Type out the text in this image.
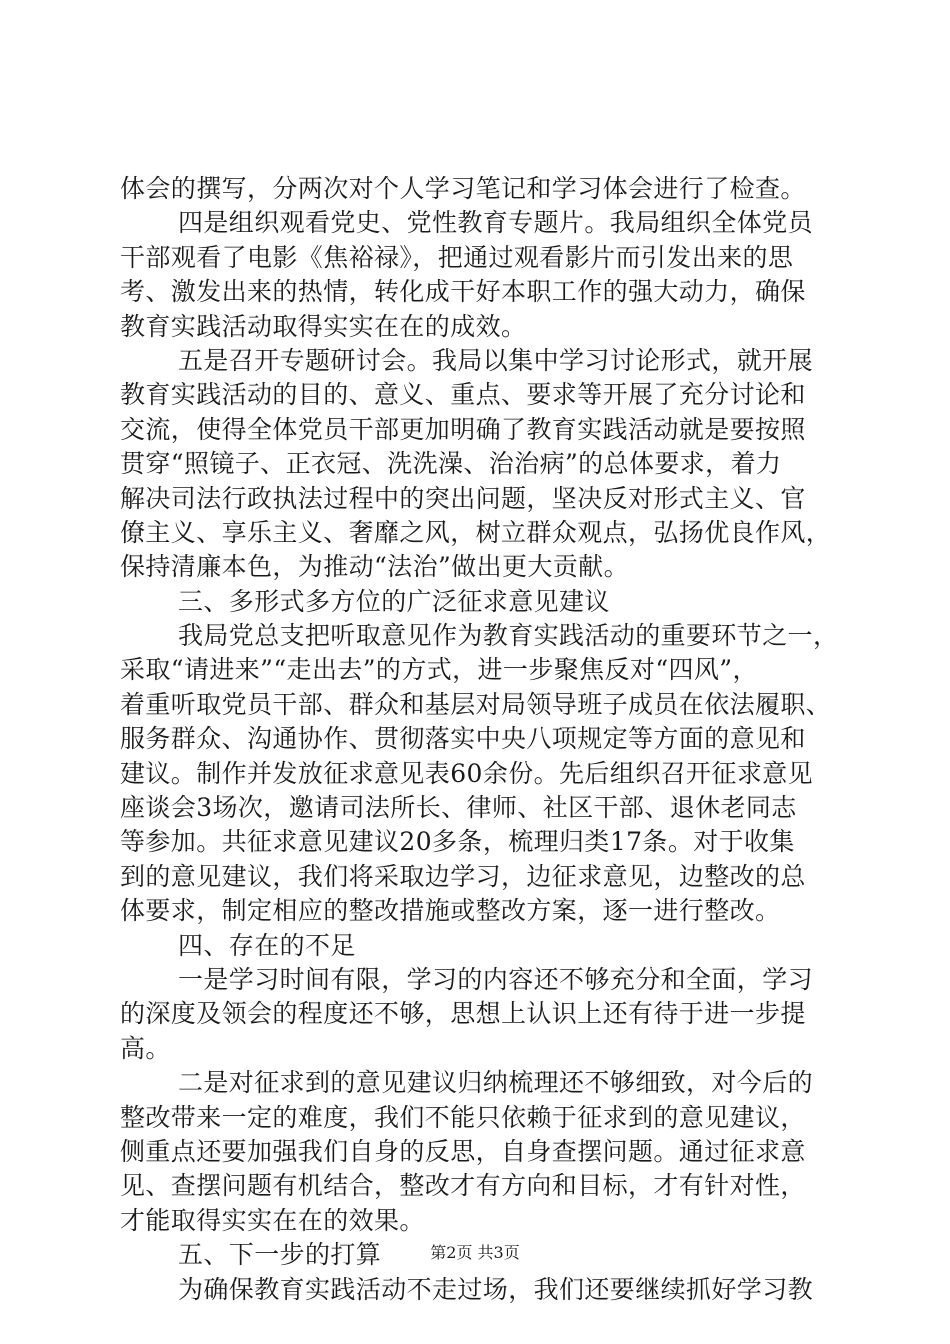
体会的撰写，分两次对个人学习笔记和学习体会进行了检查。
四是组织观看党史、党性教育专题片。我局组织全体党员
干部观看了电影《焦裕禄》，把通过观看影片而引发出来的思
考、激发出来的热情，转化成干好本职工作的强大动力，确保
教育实践活动取得实实在在的成效。
五是召开专题研讨会。我局以集中学习讨论形式，就开展
教育实践活动的目的、意义、重点、要求等开展了充分讨论和
交流，使得全体党员干部更加明确了教育实践活动就是要按照
贯穿“照镜子、正衣冠、洗洗澡、治治病”的总体要求，着力
解决司法行政执法过程中的突出问题，坚决反对形式主义、官
僚主义、享乐主义、奢靡之风，树立群众观点，弘扬优良作风，
保持清廉本色，为推动“法治”做出更大贡献。
三、多形式多方位的广泛征求意见建议
我局党总支把听取意见作为教育实践活动的重要环节之一，
采取“请进来”“走出去”的方式，进一步聚焦反对“四风”，
着重听取党员干部、群众和基层对局领导班子成员在依法履职、
服务群众、沟通协作、贯彻落实中央八项规定等方面的意见和
建议。制作并发放征求意见表60余份。先后组织召开征求意见
座谈会3场次，邀请司法所长、律师、社区干部、退休老同志
等参加。共征求意见建议20多条，梳理归类17条。对于收集
到的意见建议，我们将采取边学习，边征求意见，边整改的总
体要求，制定相应的整改措施或整改方案，逐一进行整改。
四、存在的不足
一是学习时间有限，学习的内容还不够充分和全面，学习
的深度及领会的程度还不够，思想上认识上还有待于进一步提
高。
二是对征求到的意见建议归纳梳理还不够细致，对今后的
整改带来一定的难度，我们不能只依赖于征求到的意见建议，
侧重点还要加强我们自身的反思，自身查摆问题。通过征求意
见、查摆问题有机结合，整改才有方向和目标，才有针对性，
才能取得实实在在的效果。
五、下一步的打算
为确保教育实践活动不走过场，我们还要继续抓好学习教
第2页 共3页
